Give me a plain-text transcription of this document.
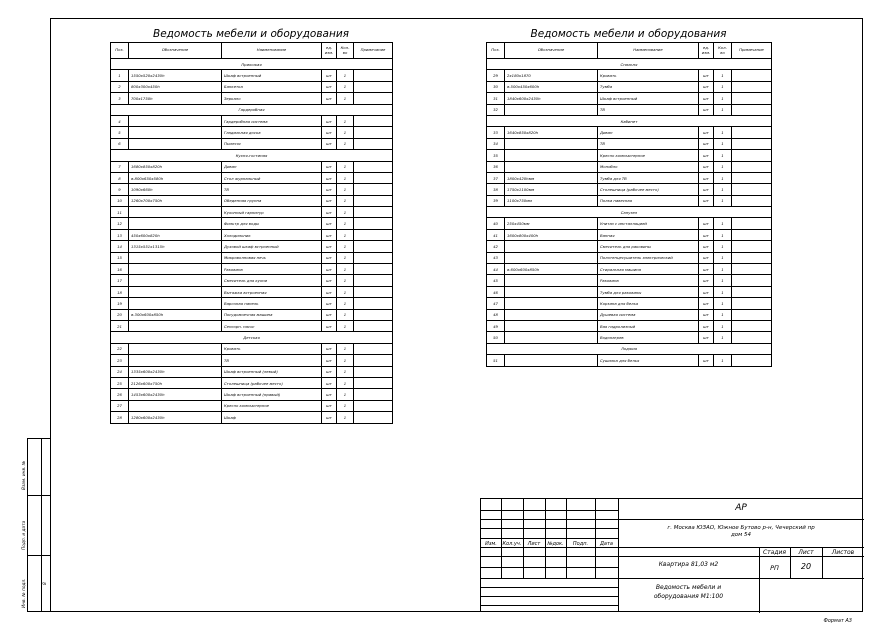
Взам. инв. №
Подп. и дата
Инв. № подл.	8
Ведомость мебели и оборудования
Поз.	Обозначение	Наименование	ед. изм.	Кол-во	Примечание
Прихожая					
1	1550х520х2430h	Шкаф встроенный	шт	1	
2	800х300х450h	Банкетка	шт	1	
3	700х1750h	Зеркало	шт	1	
Гардеробная					
4		Гардеробная система	шт	1	
5		Гладильная доска	шт	1	
6		Пылесос	шт	1	
Кухня-гостиная					
7	1680х850х820h	Диван	шт	1	
8	ѳ.800х650х580h	Стол журнальный	шт	1	
9	1090х660h	ТВ	шт	1	
10	1260х700х750h	Обеденная группа	шт	1	
11		Кухонный гарнитур	шт	1	
12		Фильтр для воды	шт	1	
13	450х600х820h	Холодильник	шт	1	
14	1315х551х1315h	Духовой шкаф встроенный	шт	1	
15		Микроволновая печь	шт	1	
16		Раковина	шт	1	
17		Смеситель для кухни	шт	1	
18		Вытяжка встроенная	шт	1	
19		Варочная панель	шт	1	
20	ѳ.300х600х850h	Посудомоечная машина	шт	1	
21		Сенсорн. насос	шт	1	
Детская					
22		Кровать	шт	1	
23		ТВ	шт	1	
24	1335х600х2430h	Шкаф встроенный (левый)	шт	1	
25	2126х600х750h	Столешница (рабочее место)	шт	1	
26	1453х600х2430h	Шкаф встроенный (правый)	шт	1	
27		Кресло компьютерное	шт	1	
28	1280х600х2430h	Шкаф	шт	1	
Ведомость мебели и оборудования
Поз.	Обозначение	Наименование	ед. изм.	Кол-во	Примечание
Спальня					
29	2х180х1870	Кровать	шт	1	
30	ѳ.500х450х600h	Тумба	шт	1	
31	1840х600х2430h	Шкаф встроенный	шт	1	
32		ТВ	шт	1	
Кабинет					
33	1640х850х820h	Диван	шт	1	
34		ТВ	шт	1	
35		Кресло компьютерное	шт	1	
36		Монобло	шт	1	
37	1800х420hмм	Тумба для ТВ	шт	1	
38	1750х1100мм	Столешница (рабочее место)	шт	1	
39	1100х750мм	Полка навесная	шт	1	
Санузел					
40	250х450мм	Унитаз с инсталляцией	шт	1	
41	1600х800х400h	Ванная	шт	1	
42		Смеситель для раковины	шт	1	
43		Полотенцесушитель электрический	шт	1	
44	ѳ.600х600х850h	Стиральная машина	шт	1	
45		Раковина	шт	1	
46		Тумба для раковины	шт	1	
47		Корзина для белья	шт	1	
48		Душевая система	шт	1	
49		Вая гидролизный	шт	1	
50		Водонагрев	шт	1	
Лоджия					
51		Сушилка для белья	шт	1	
Изм.	Кол.уч.	Лист	№док.	Подп.	Дата
АР
г. Москва ЮЗАО, Южное Бутово р-н, Чечерский пр дом 54
Квартира 81,03 м2
Ведомость мебели и оборудования М1:100
Стадия	Лист	Листов
РП	20
Формат А3
